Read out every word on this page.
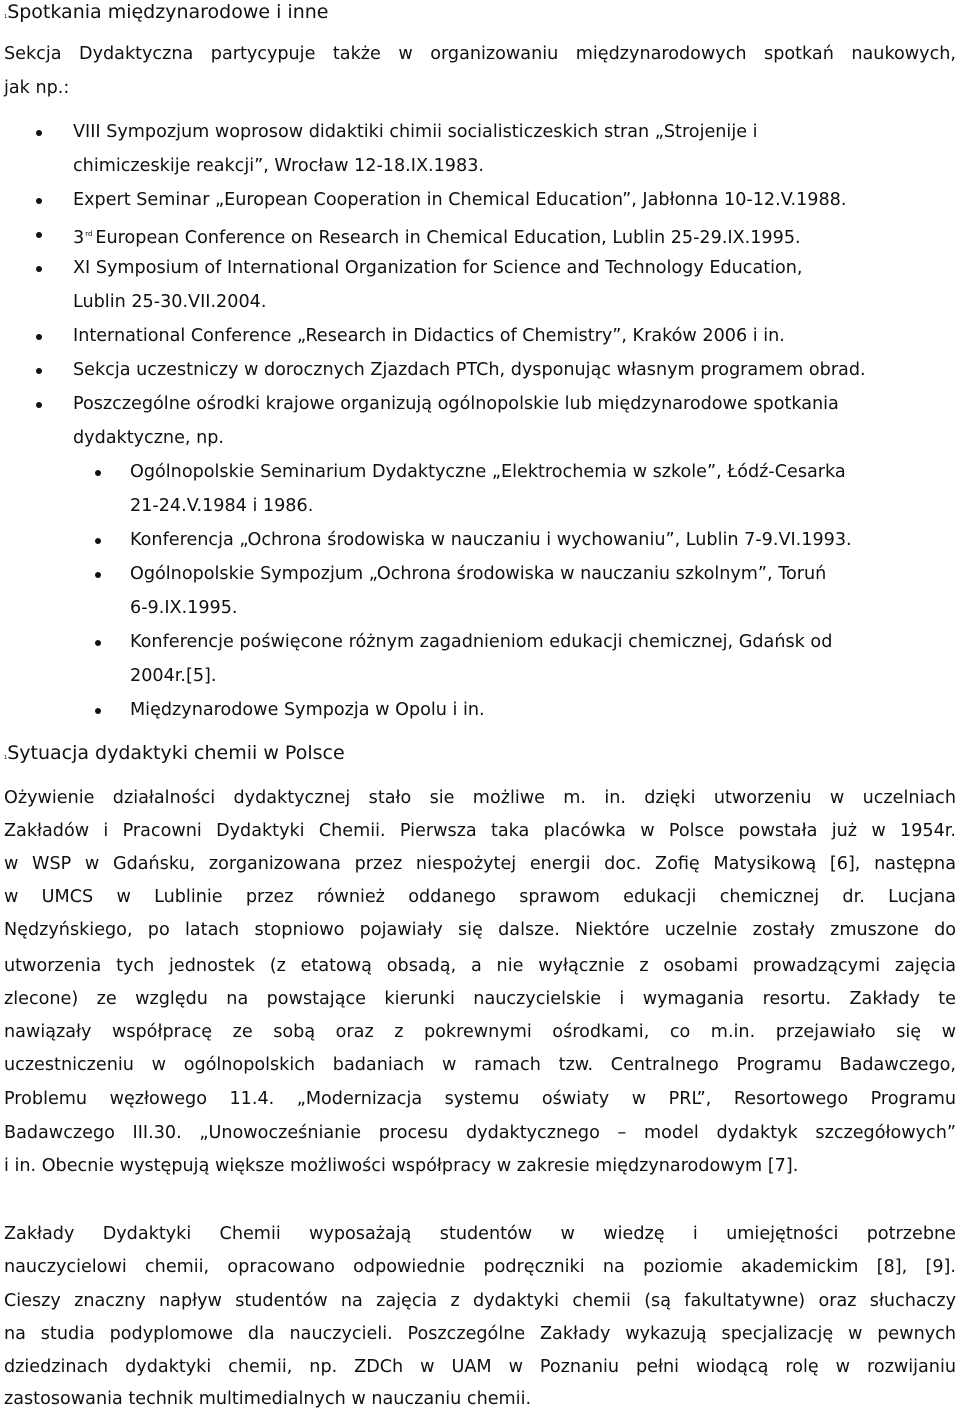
1Spotkania międzynarodowe i inne
Sekcja Dydaktyczna partycypuje także w organizowaniu międzynarodowych spotkań naukowych,
jak np.:
VIII Sympozjum woprosow didaktiki chimii socialisticzeskich stran „Strojenije i
chimiczeskije reakcji”, Wrocław 12-18.IX.1983.
Expert Seminar „European Cooperation in Chemical Education”, Jabłonna 10-12.V.1988.
3rd European Conference on Research in Chemical Education, Lublin 25-29.IX.1995.
XI Symposium of International Organization for Science and Technology Education,
Lublin 25-30.VII.2004.
International Conference „Research in Didactics of Chemistry”, Kraków 2006 i in.
Sekcja uczestniczy w dorocznych Zjazdach PTCh, dysponując własnym programem obrad.
Poszczególne ośrodki krajowe organizują ogólnopolskie lub międzynarodowe spotkania
dydaktyczne, np.
Ogólnopolskie Seminarium Dydaktyczne „Elektrochemia w szkole”, Łódź-Cesarka
21-24.V.1984 i 1986.
Konferencja „Ochrona środowiska w nauczaniu i wychowaniu”, Lublin 7-9.VI.1993.
Ogólnopolskie Sympozjum „Ochrona środowiska w nauczaniu szkolnym”, Toruń
6-9.IX.1995.
Konferencje poświęcone różnym zagadnieniom edukacji chemicznej, Gdańsk od
2004r.[5].
Międzynarodowe Sympozja w Opolu i in.
1Sytuacja dydaktyki chemii w Polsce
Ożywienie działalności dydaktycznej stało sie możliwe m. in. dzięki utworzeniu w uczelniach
Zakładów i Pracowni Dydaktyki Chemii. Pierwsza taka placówka w Polsce powstała już w 1954r.
w WSP w Gdańsku, zorganizowana przez niespożytej energii doc. Zofię Matysikową [6], następna
w UMCS w Lublinie przez również oddanego sprawom edukacji chemicznej dr. Lucjana
Nędzyńskiego, po latach stopniowo pojawiały się dalsze. Niektóre uczelnie zostały zmuszone do
utworzenia tych jednostek (z etatową obsadą, a nie wyłącznie z osobami prowadzącymi zajęcia
zlecone) ze względu na powstające kierunki nauczycielskie i wymagania resortu. Zakłady te
nawiązały współpracę ze sobą oraz z pokrewnymi ośrodkami, co m.in. przejawiało się w
uczestniczeniu w ogólnopolskich badaniach w ramach tzw. Centralnego Programu Badawczego,
Problemu węzłowego 11.4. „Modernizacja systemu oświaty w PRL”, Resortowego Programu
Badawczego III.30. „Unowocześnianie procesu dydaktycznego – model dydaktyk szczegółowych”
i in. Obecnie występują większe możliwości współpracy w zakresie międzynarodowym [7].
Zakłady Dydaktyki Chemii wyposażają studentów w wiedzę i umiejętności potrzebne
nauczycielowi chemii, opracowano odpowiednie podręczniki na poziomie akademickim [8], [9].
Cieszy znaczny napływ studentów na zajęcia z dydaktyki chemii (są fakultatywne) oraz słuchaczy
na studia podyplomowe dla nauczycieli. Poszczególne Zakłady wykazują specjalizację w pewnych
dziedzinach dydaktyki chemii, np. ZDCh w UAM w Poznaniu pełni wiodącą rolę w rozwijaniu
zastosowania technik multimedialnych w nauczaniu chemii.
